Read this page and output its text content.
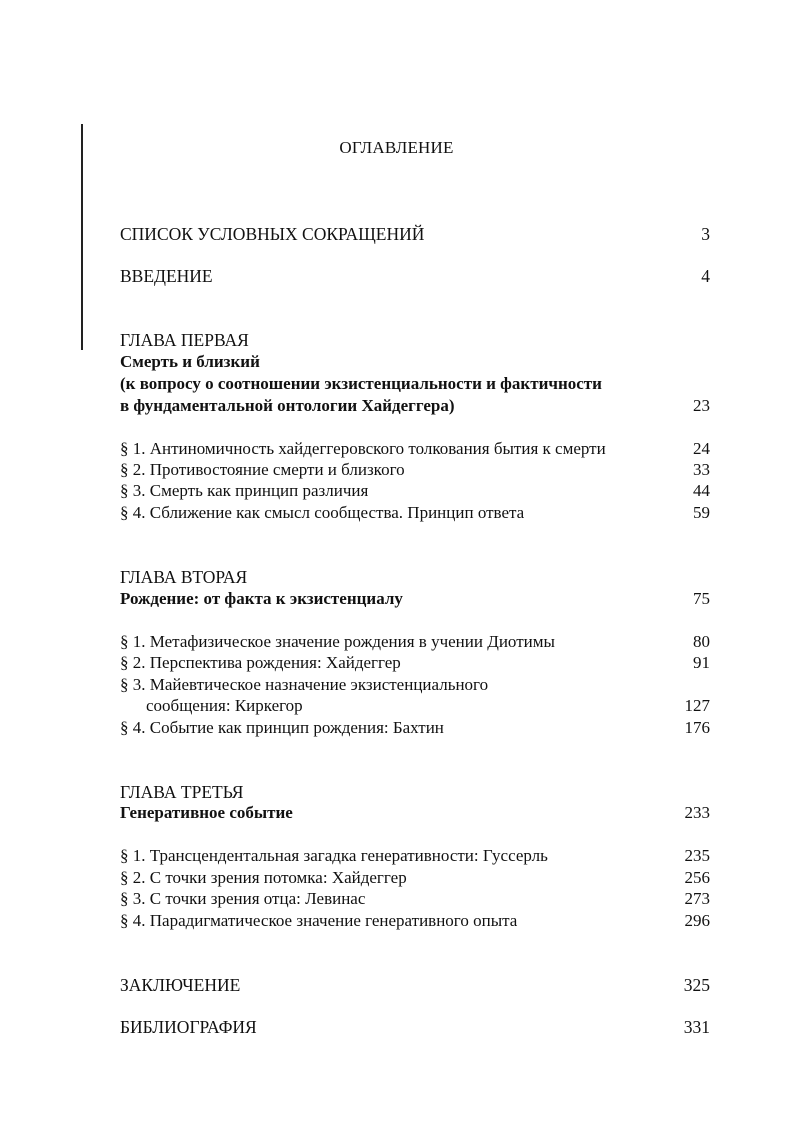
ОГЛАВЛЕНИЕ
СПИСОК УСЛОВНЫХ СОКРАЩЕНИЙ	3
ВВЕДЕНИЕ	4
ГЛАВА ПЕРВАЯ
Смерть и близкий
(к вопросу о соотношении экзистенциальности и фактичности
в фундаментальной онтологии Хайдеггера)	23
§ 1. Антиномичность хайдеггеровского толкования бытия к смерти	24
§ 2. Противостояние смерти и близкого	33
§ 3. Смерть как принцип различия	44
§ 4. Сближение как смысл сообщества. Принцип ответа	59
ГЛАВА ВТОРАЯ
Рождение: от факта к экзистенциалу	75
§ 1. Метафизическое значение рождения в учении Диотимы	80
§ 2. Перспектива рождения: Хайдеггер	91
§ 3. Майевтическое назначение экзистенциального
сообщения: Киркегор	127
§ 4. Событие как принцип рождения: Бахтин	176
ГЛАВА ТРЕТЬЯ
Генеративное событие	233
§ 1. Трансцендентальная загадка генеративности: Гуссерль	235
§ 2. С точки зрения потомка: Хайдеггер	256
§ 3. С точки зрения отца: Левинас	273
§ 4. Парадигматическое значение генеративного опыта	296
ЗАКЛЮЧЕНИЕ	325
БИБЛИОГРАФИЯ	331
